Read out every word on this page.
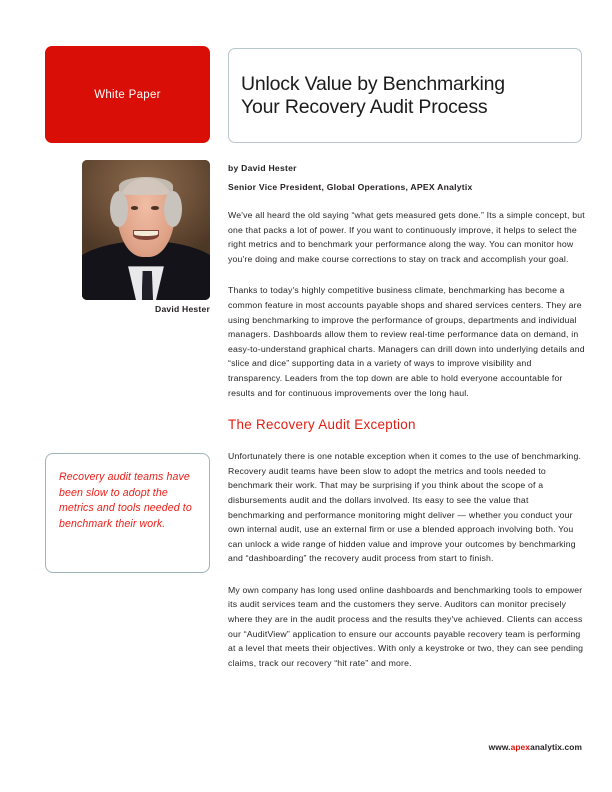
White Paper	Unlock Value by Benchmarking
Your Recovery Audit Process
David Hester

by David Hester

Senior Vice President, Global Operations, APEX Analytix

We've all heard the old saying “what gets measured gets done.” Its a simple concept, but one that packs a lot of power. If you want to continuously improve, it helps to select the right metrics and to benchmark your performance along the way. You can monitor how you're doing and make course corrections to stay on track and accomplish your goal.

Thanks to today's highly competitive business climate, benchmarking has become a common feature in most accounts payable shops and shared services centers. They are using benchmarking to improve the performance of groups, departments and individual managers. Dashboards allow them to review real-time performance data on demand, in easy-to-understand graphical charts. Managers can drill down into underlying details and “slice and dice” supporting data in a variety of ways to improve visibility and transparency. Leaders from the top down are able to hold everyone accountable for results and for continuous improvements over the long haul.

The Recovery Audit Exception

Unfortunately there is one notable exception when it comes to the use of benchmarking. Recovery audit teams have been slow to adopt the metrics and tools needed to benchmark their work. That may be surprising if you think about the scope of a disbursements audit and the dollars involved. Its easy to see the value that benchmarking and performance monitoring might deliver — whether you conduct your own internal audit, use an external firm or use a blended approach involving both. You can unlock a wide range of hidden value and improve your outcomes by benchmarking and “dashboarding” the recovery audit process from start to finish.

My own company has long used online dashboards and benchmarking tools to empower its audit services team and the customers they serve. Auditors can monitor precisely where they are in the audit process and the results they've achieved. Clients can access our “AuditView” application to ensure our accounts payable recovery team is performing at a level that meets their objectives. With only a keystroke or two, they can see pending claims, track our recovery “hit rate” and more.

Recovery audit teams have been slow to adopt the metrics and tools needed to benchmark their work.

www.apexanalytix.com
